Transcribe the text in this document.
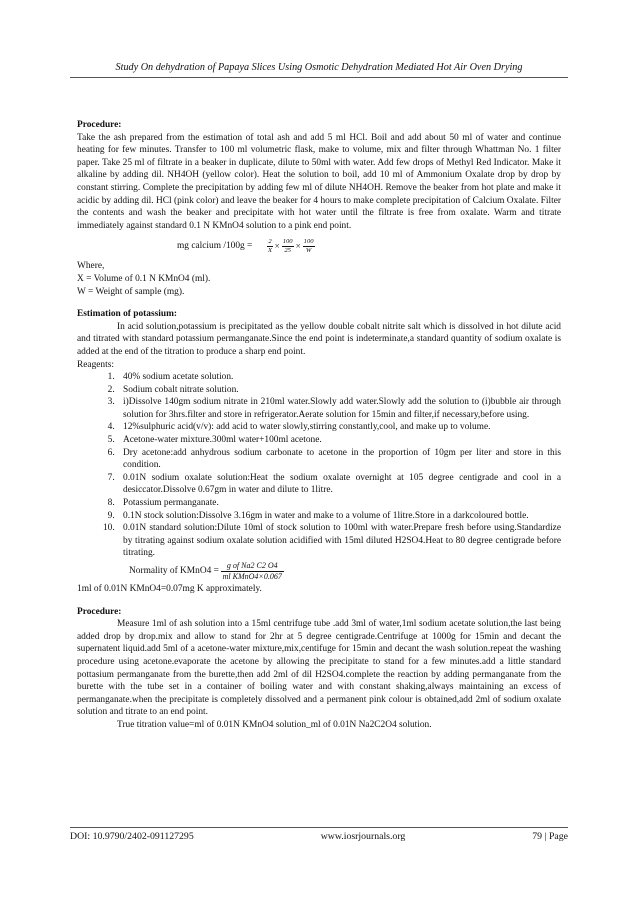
Study On dehydration of Papaya Slices Using Osmotic Dehydration Mediated Hot Air Oven Drying

Procedure:

Take the ash prepared from the estimation of total ash and add 5 ml HCl. Boil and add about 50 ml of water and continue heating for few minutes. Transfer to 100 ml volumetric flask, make to volume, mix and filter through Whattman No. 1 filter paper. Take 25 ml of filtrate in a beaker in duplicate, dilute to 50ml with water. Add few drops of Methyl Red Indicator. Make it alkaline by adding dil. NH4OH (yellow color). Heat the solution to boil, add 10 ml of Ammonium Oxalate drop by drop by constant stirring. Complete the precipitation by adding few ml of dilute NH4OH. Remove the beaker from hot plate and make it acidic by adding dil. HCl (pink color) and leave the beaker for 4 hours to make complete precipitation of Calcium Oxalate. Filter the contents and wash the beaker and precipitate with hot water until the filtrate is free from oxalate. Warm and titrate immediately against standard 0.1 N KMnO4 solution to a pink end point.

mg calcium $/100g = \frac{2}{X} \times \frac{100}{25} \times \frac{100}{W}$

Where,

X = Volume of 0.1 N KMnO4 (ml).

W = Weight of sample (mg).

Estimation of potassium:

In acid solution,potassium is precipitated as the yellow double cobalt nitrite salt which is dissolved in hot dilute acid and titrated with standard potassium permanganate.Since the end point is indeterminate,a standard quantity of sodium oxalate is added at the end of the titration to produce a sharp end point.

Reagents:

1. 40% sodium acetate solution.
2. Sodium cobalt nitrate solution.
3. i)Dissolve 140gm sodium nitrate in 210ml water.Slowly add water.Slowly add the solution to (i)bubble air through solution for 3hrs.filter and store in refrigerator.Aerate solution for 15min and filter,if necessary,before using.
4. 12%sulphuric acid(v/v): add acid to water slowly,stirring constantly,cool, and make up to volume.
5. Acetone-water mixture.300ml water+100ml acetone.
6. Dry acetone:add anhydrous sodium carbonate to acetone in the proportion of 10gm per liter and store in this condition.
7. 0.01N sodium oxalate solution:Heat the sodium oxalate overnight at 105 degree centigrade and cool in a desiccator.Dissolve 0.67gm in water and dilute to 1litre.
8. Potassium permanganate.
9. 0.1N stock solution:Dissolve 3.16gm in water and make to a volume of 1litre.Store in a darkcoloured bottle.
10. 0.01N standard solution:Dilute 10ml of stock solution to 100ml with water.Prepare fresh before using.Standardize by titrating against sodium oxalate solution acidified with 15ml diluted H2SO4.Heat to 80 degree centigrade before titrating.
Normality of KMnO4 =
g of Na2 C2 O4
ml KMnO4×0.067

1ml of 0.01N KMnO4=0.07mg K approximately.

Procedure:

Measure 1ml of ash solution into a 15ml centrifuge tube .add 3ml of water,1ml sodium acetate solution,the last being added drop by drop.mix and allow to stand for 2hr at 5 degree centigrade.Centrifuge at 1000g for 15min and decant the supernatent liquid.add 5ml of a acetone-water mixture,mix,centifuge for 15min and decant the wash solution.repeat the washing procedure using acetone.evaporate the acetone by allowing the precipitate to stand for a few minutes.add a little standard pottasium permanganate from the burette,then add 2ml of dil H2SO4.complete the reaction by adding permanganate from the burette with the tube set in a container of boiling water and with constant shaking,always maintaining an excess of permanganate.when the precipitate is completely dissolved and a permanent pink colour is obtained,add 2ml of sodium oxalate solution and titrate to an end point.

True titration value=ml of 0.01N KMnO4 solution_ml of 0.01N Na2C2O4 solution.

DOI: 10.9790/2402-091127295	www.iosrjournals.org	79 | Page
